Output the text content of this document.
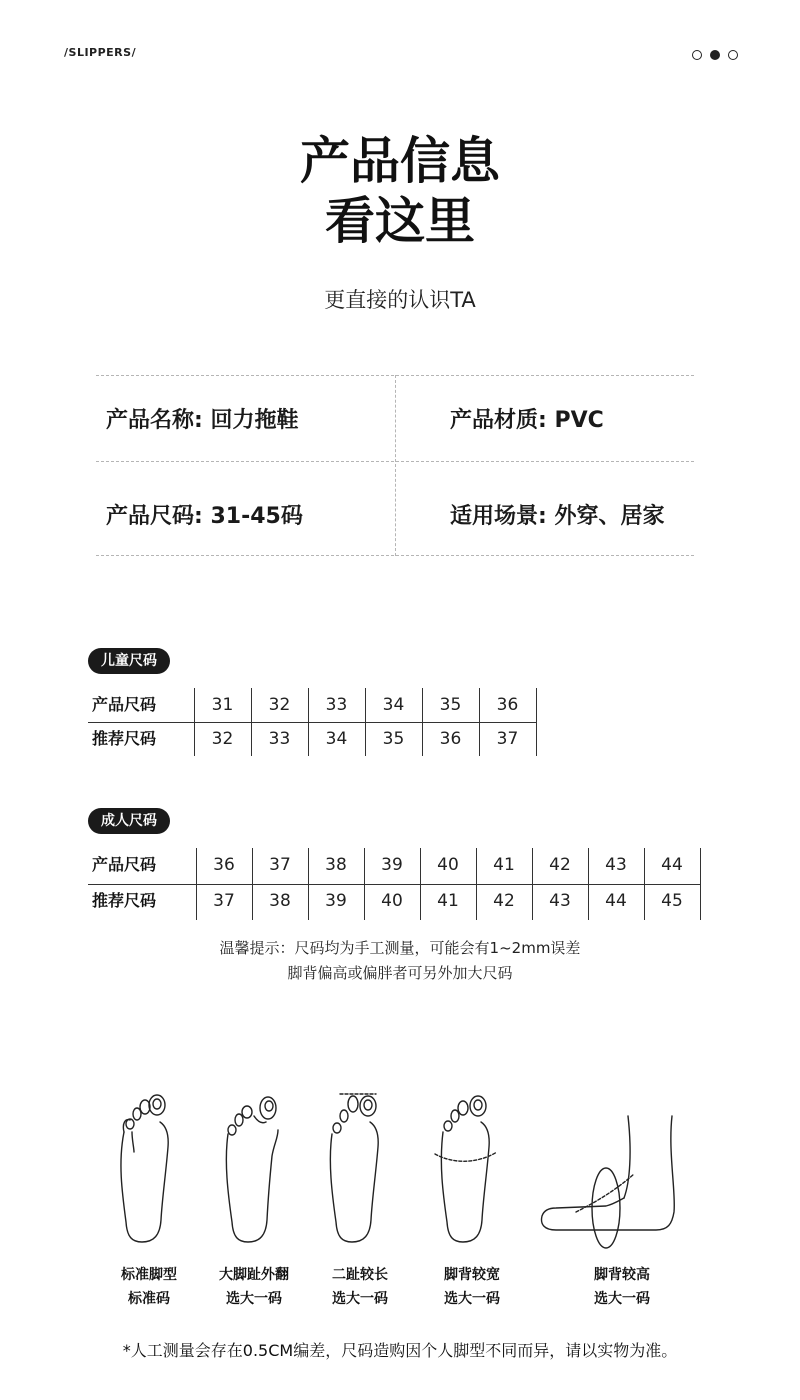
/SLIPPERS/
产品信息
看这里
更直接的认识TA
产品名称: 回力拖鞋	产品材质: PVC
产品尺码: 31-45码	适用场景: 外穿、居家
儿童尺码
产品尺码	31	32	33	34	35	36
推荐尺码	32	33	34	35	36	37
成人尺码
产品尺码	36	37	38	39	40	41	42	43	44
推荐尺码	37	38	39	40	41	42	43	44	45
温馨提示：尺码均为手工测量，可能会有1~2mm误差
脚背偏高或偏胖者可另外加大尺码
标准脚型
标准码
大脚趾外翻
选大一码
二趾较长
选大一码
脚背较宽
选大一码
脚背较高
选大一码
*人工测量会存在0.5CM编差，尺码造购因个人脚型不同而异，请以实物为准。
